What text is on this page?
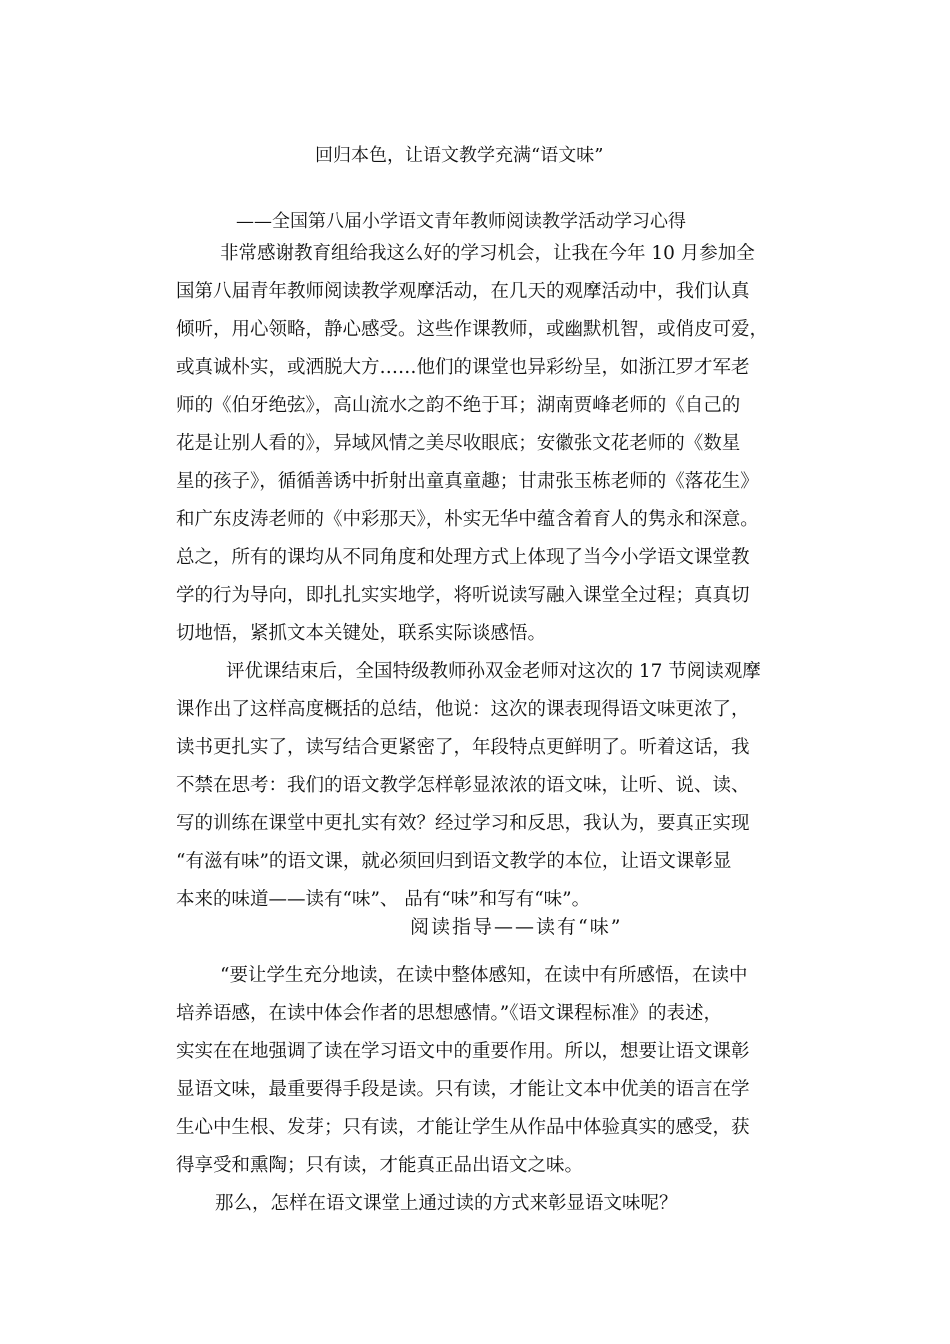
回归本色，让语文教学充满“语文味”
——全国第八届小学语文青年教师阅读教学活动学习心得
非常感谢教育组给我这么好的学习机会，让我在今年 10 月参加全
国第八届青年教师阅读教学观摩活动，在几天的观摩活动中，我们认真
倾听，用心领略，静心感受。这些作课教师，或幽默机智，或俏皮可爱，
或真诚朴实，或洒脱大方……他们的课堂也异彩纷呈，如浙江罗才军老
师的《伯牙绝弦》，高山流水之韵不绝于耳；湖南贾峰老师的《自己的
花是让别人看的》，异域风情之美尽收眼底；安徽张文花老师的《数星
星的孩子》，循循善诱中折射出童真童趣；甘肃张玉栋老师的《落花生》
和广东皮涛老师的《中彩那天》，朴实无华中蕴含着育人的隽永和深意。
总之，所有的课均从不同角度和处理方式上体现了当今小学语文课堂教
学的行为导向，即扎扎实实地学，将听说读写融入课堂全过程；真真切
切地悟，紧抓文本关键处，联系实际谈感悟。
评优课结束后，全国特级教师孙双金老师对这次的 17 节阅读观摩
课作出了这样高度概括的总结，他说：这次的课表现得语文味更浓了，
读书更扎实了，读写结合更紧密了，年段特点更鲜明了。听着这话，我
不禁在思考：我们的语文教学怎样彰显浓浓的语文味，让听、说、读、
写的训练在课堂中更扎实有效？经过学习和反思，我认为，要真正实现
“有滋有味”的语文课，就必须回归到语文教学的本位，让语文课彰显
本来的味道——读有“味”、 品有“味”和写有“味”。
阅读指导——读有“味”
“要让学生充分地读，在读中整体感知，在读中有所感悟，在读中
培养语感，在读中体会作者的思想感情。”《语文课程标准》的表述，
实实在在地强调了读在学习语文中的重要作用。所以，想要让语文课彰
显语文味，最重要得手段是读。只有读，才能让文本中优美的语言在学
生心中生根、发芽；只有读，才能让学生从作品中体验真实的感受，获
得享受和熏陶；只有读，才能真正品出语文之味。
那么，怎样在语文课堂上通过读的方式来彰显语文味呢？
